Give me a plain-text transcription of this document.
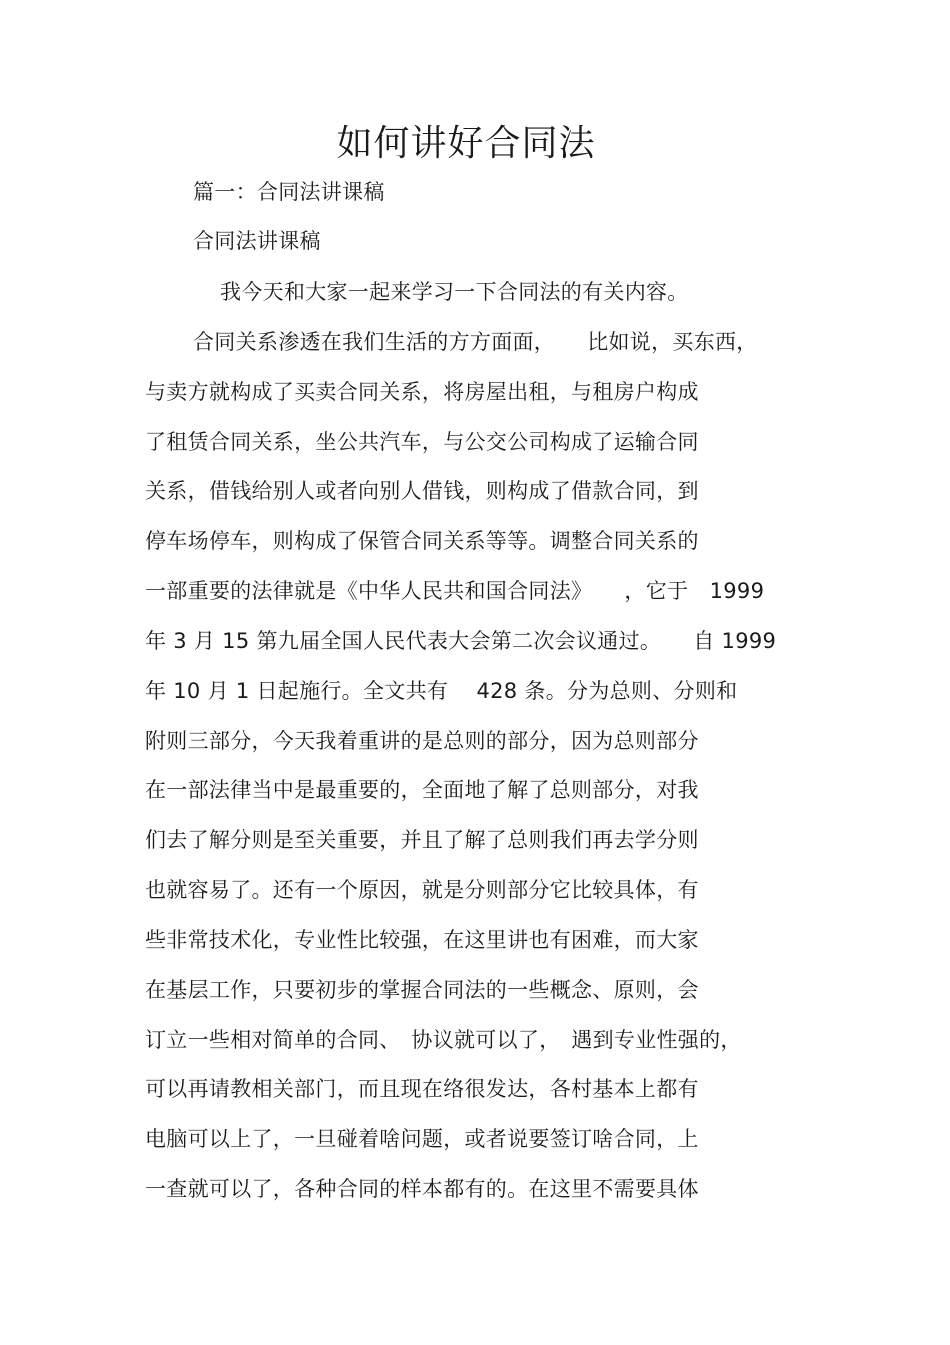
如何讲好合同法
篇一：合同法讲课稿
合同法讲课稿
我今天和大家一起来学习一下合同法的有关内容。
合同关系渗透在我们生活的方方面面，　　比如说，买东西，
与卖方就构成了买卖合同关系，将房屋出租，与租房户构成
了租赁合同关系，坐公共汽车，与公交公司构成了运输合同
关系，借钱给别人或者向别人借钱，则构成了借款合同，到
停车场停车，则构成了保管合同关系等等。调整合同关系的
一部重要的法律就是《中华人民共和国合同法》　　，它于　1999
年 3 月 15 第九届全国人民代表大会第二次会议通过。　　自 1999
年 10 月 1 日起施行。全文共有　 428 条。分为总则、分则和
附则三部分，今天我着重讲的是总则的部分，因为总则部分
在一部法律当中是最重要的，全面地了解了总则部分，对我
们去了解分则是至关重要，并且了解了总则我们再去学分则
也就容易了。还有一个原因，就是分则部分它比较具体，有
些非常技术化，专业性比较强，在这里讲也有困难，而大家
在基层工作，只要初步的掌握合同法的一些概念、原则，会
订立一些相对简单的合同、　协议就可以了，　遇到专业性强的，
可以再请教相关部门，而且现在络很发达，各村基本上都有
电脑可以上了，一旦碰着啥问题，或者说要签订啥合同，上
一查就可以了，各种合同的样本都有的。在这里不需要具体
